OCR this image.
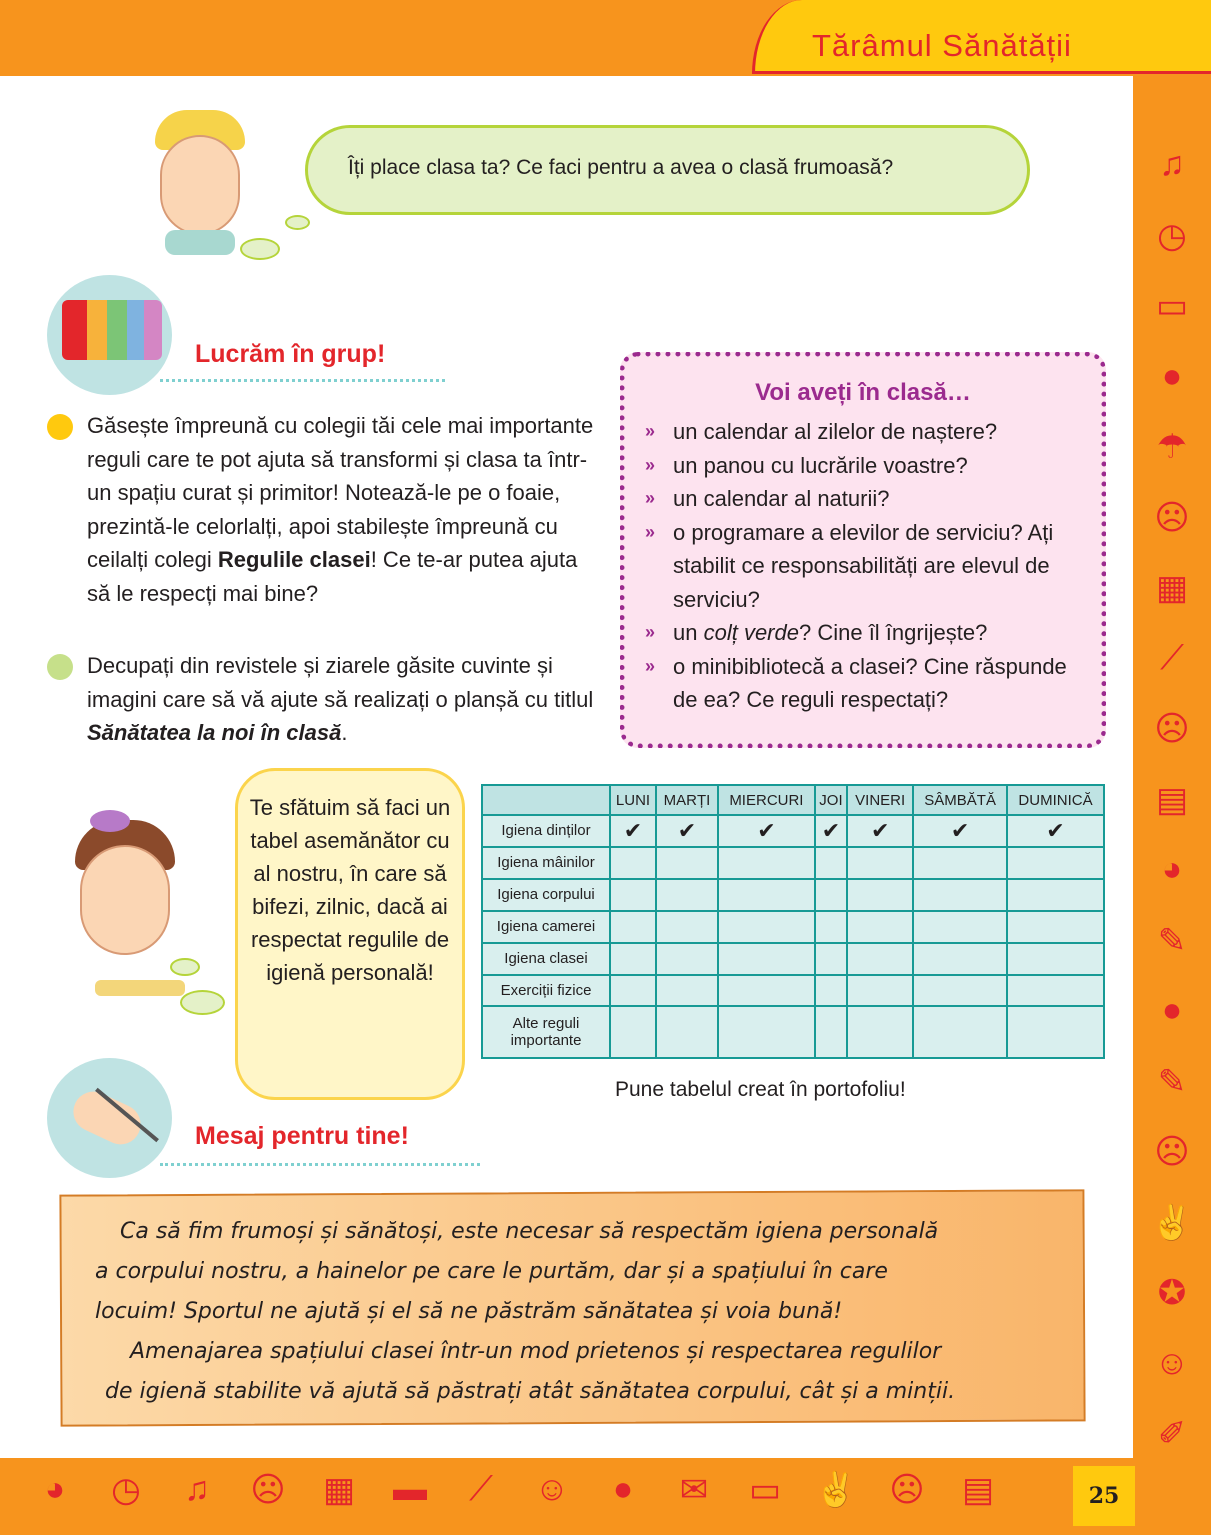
Tărâmul Sănătății
25
Îți place clasa ta? Ce faci pentru a avea o clasă frumoasă?
Lucrăm în grup!
Găsește împreună cu colegii tăi cele mai importante reguli care te pot ajuta să transformi și clasa ta într-un spațiu curat și primitor! Notează-le pe o foaie, prezintă-le celorlalți, apoi stabilește împreună cu ceilalți colegi Regulile clasei! Ce te-ar putea ajuta să le respecți mai bine?
Decupați din revistele și ziarele găsite cuvinte și imagini care să vă ajute să realizați o planșă cu titlul Sănătatea la noi în clasă.
Voi aveți în clasă…
» un calendar al zilelor de naștere?
» un panou cu lucrările voastre?
» un calendar al naturii?
» o programare a elevilor de serviciu? Ați stabilit ce responsabilități are elevul de serviciu?
» un colț verde? Cine îl îngrijește?
» o minibibliotecă a clasei? Cine răspunde de ea? Ce reguli respectați?
Te sfătuim să faci un tabel asemănător cu al nostru, în care să bifezi, zilnic, dacă ai respectat regulile de igienă personală!
	LUNI	MARȚI	MIERCURI	JOI	VINERI	SÂMBĂTĂ	DUMINICĂ
Igiena dinților	✔	✔	✔	✔	✔	✔	✔
Igiena mâinilor							
Igiena corpului							
Igiena camerei							
Igiena clasei							
Exerciții fizice							
Alte reguli importante							
Pune tabelul creat în portofoliu!
Mesaj pentru tine!
Ca să fim frumoși și sănătoși, este necesar să respectăm igiena personală
a corpului nostru, a hainelor pe care le purtăm, dar și a spațiului în care
locuim! Sportul ne ajută și el să ne păstrăm sănătatea și voia bună!
Amenajarea spațiului clasei într-un mod prietenos și respectarea regulilor
de igienă stabilite vă ajută să păstrați atât sănătatea corpului, cât și a minții.
♫
◷
▭
●
☂
☹
▦
⟋
☹
▤
◕
✎
●
✎
☹
✌
✪
☺
✐
◕	◷	♫	☹	▦	▬	⟋	☺	●	✉	▭ ✌ ☹	▤
